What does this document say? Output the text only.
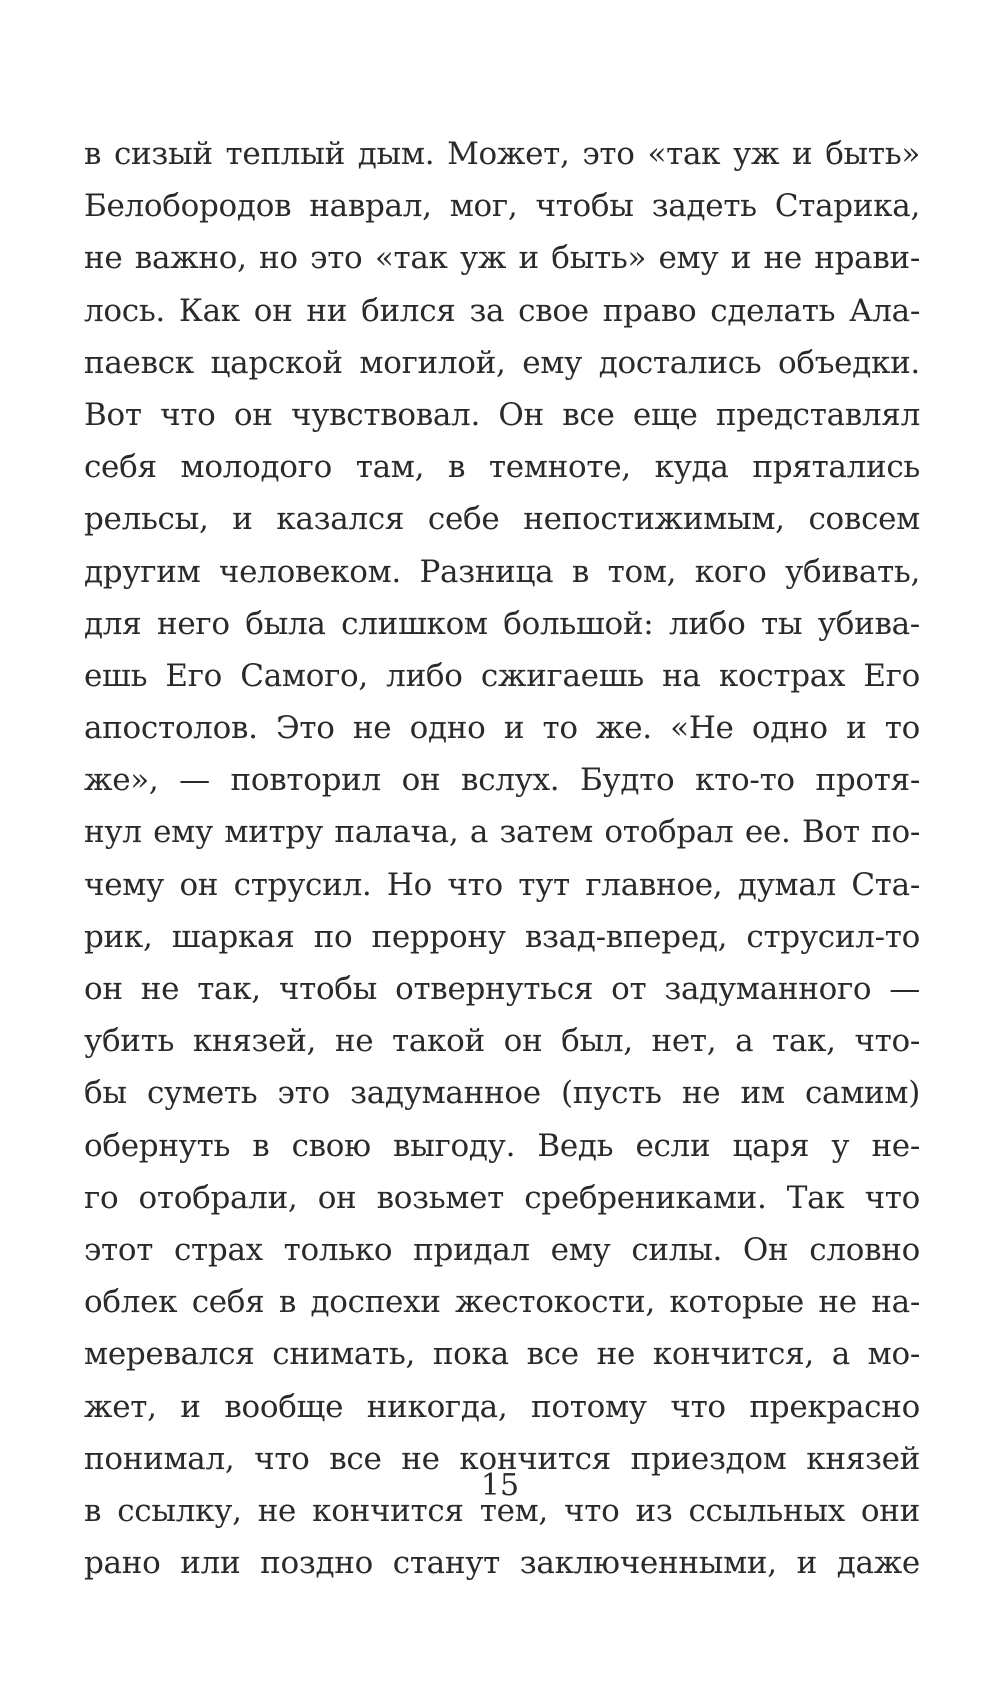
в сизый теплый дым. Может, это «так уж и быть»
Белобородов наврал, мог, чтобы задеть Старика,
не важно, но это «так уж и быть» ему и не нрави-
лось. Как он ни бился за свое право сделать Ала-
паевск царской могилой, ему достались объедки.
Вот что он чувствовал. Он все еще представлял
себя молодого там, в темноте, куда прятались
рельсы, и казался себе непостижимым, совсем
другим человеком. Разница в том, кого убивать,
для него была слишком большой: либо ты убива-
ешь Его Самого, либо сжигаешь на кострах Его
апостолов. Это не одно и то же. «Не одно и то
же», — повторил он вслух. Будто кто-то протя-
нул ему митру палача, а затем отобрал ее. Вот по-
чему он струсил. Но что тут главное, думал Ста-
рик, шаркая по перрону взад-вперед, струсил-то
он не так, чтобы отвернуться от задуманного —
убить князей, не такой он был, нет, а так, что-
бы суметь это задуманное (пусть не им самим)
обернуть в свою выгоду. Ведь если царя у не-
го отобрали, он возьмет сребрениками. Так что
этот страх только придал ему силы. Он словно
облек себя в доспехи жестокости, которые не на-
меревался снимать, пока все не кончится, а мо-
жет, и вообще никогда, потому что прекрасно
понимал, что все не кончится приездом князей
в ссылку, не кончится тем, что из ссыльных они
рано или поздно станут заключенными, и даже
15
